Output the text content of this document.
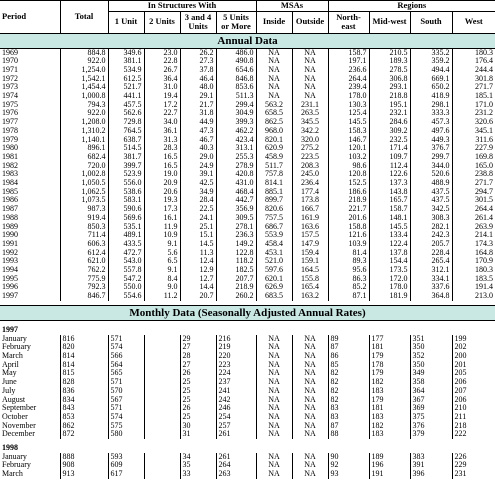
Period	Total	In Structures With				MSAs		Regions			
		1 Unit	2 Units	3 and 4 Units	5 Units or More	Inside	Outside	North-east	Mid-west	South	West
Annual Data											
1969	884.8	349.6	23.0	26.2	486.0	NA	NA	158.7	210.5	335.2	180.3
1970	922.0	381.1	22.8	27.3	490.8	NA	NA	197.1	189.3	359.2	176.4
1971	1,254.0	534.9	26.7	37.8	654.6	NA	NA	236.6	278.5	494.4	244.4
1972	1,542.1	612.5	36.4	46.4	846.8	NA	NA	264.4	306.8	669.1	301.8
1973	1,454.4	521.7	31.0	48.0	853.6	NA	NA	239.4	293.1	650.2	271.7
1974	1,000.8	441.1	19.4	29.1	511.3	NA	NA	178.0	218.8	418.9	185.1
1975	794.3	457.5	17.2	21.7	299.4	563.2	231.1	130.3	195.1	298.1	171.0
1976	922.0	562.6	22.7	31.8	304.9	658.5	263.5	125.4	232.1	333.3	231.2
1977	1,208.0	729.8	34.0	44.9	399.3	862.5	345.5	145.5	284.6	457.3	320.6
1978	1,310.2	764.5	36.1	47.3	462.2	968.0	342.2	158.3	309.2	497.6	345.1
1979	1,140.1	638.7	31.3	46.7	423.4	820.1	320.0	146.7	232.5	449.3	311.6
1980	896.1	514.5	28.3	40.3	313.1	620.9	275.2	120.1	171.4	376.7	227.9
1981	682.4	381.7	16.5	29.0	255.3	458.9	223.5	103.2	109.7	299.7	169.8
1982	720.0	399.7	16.5	24.9	278.9	511.7	208.3	98.6	112.4	344.0	165.0
1983	1,002.8	523.9	19.0	39.1	420.8	757.8	245.0	120.8	122.6	520.6	238.8
1984	1,050.5	556.0	20.9	42.5	431.0	814.1	236.4	152.5	137.3	488.9	271.7
1985	1,062.5	538.6	20.6	34.9	468.4	885.1	177.4	186.6	143.8	437.5	294.7
1986	1,073.5	583.1	19.3	28.4	442.7	899.7	173.8	218.9	165.7	437.5	301.5
1987	987.3	590.6	17.3	22.5	356.9	820.6	166.7	221.7	158.7	342.5	264.4
1988	919.4	569.6	16.1	24.1	309.5	757.5	161.9	201.6	148.1	308.3	261.4
1989	850.3	535.1	11.9	25.1	278.1	686.7	163.6	158.8	145.5	282.1	263.9
1990	711.4	489.1	10.9	15.1	236.3	553.9	157.5	121.6	133.4	242.3	214.1
1991	606.3	433.5	9.1	14.5	149.2	458.4	147.9	103.9	122.4	205.7	174.3
1992	612.4	472.7	5.6	11.3	122.8	453.1	159.4	81.4	137.8	228.4	164.8
1993	621.0	543.0	6.5	12.4	118.2	521.0	159.1	89.3	154.4	265.4	170.9
1994	762.2	557.8	9.1	12.9	182.5	597.6	164.5	95.6	173.5	312.1	180.3
1995	775.9	547.2	8.4	12.7	207.7	620.1	155.8	86.3	172.0	334.1	183.5
1996	792.3	550.0	9.0	14.4	218.9	626.9	165.4	85.2	178.0	337.6	191.4
1997	846.7	554.6	11.2	20.7	260.2	683.5	163.2	87.1	181.9	364.8	213.0

Monthly Data (Seasonally Adjusted Annual Rates)											
1997											
January	816	571		29	216	NA	NA	89	177	351	199
February	820	574		27	219	NA	NA	87	181	350	202
March	814	566		28	220	NA	NA	86	179	352	200
April	814	564		27	223	NA	NA	85	178	350	201
May	815	565		26	224	NA	NA	82	179	349	205
June	828	571		25	237	NA	NA	82	182	358	206
July	836	570		25	241	NA	NA	82	183	364	207
August	834	567		25	242	NA	NA	82	179	367	206
September	843	571		26	246	NA	NA	83	181	369	210
October	853	574		25	254	NA	NA	83	183	375	211
November	862	575		30	257	NA	NA	87	182	376	218
December	872	580		31	261	NA	NA	88	183	379	222
1998											
January	888	593		34	261	NA	NA	90	189	383	226
February	908	609		35	264	NA	NA	92	196	391	229
March	913	617		33	263	NA	NA	93	191	396	231
